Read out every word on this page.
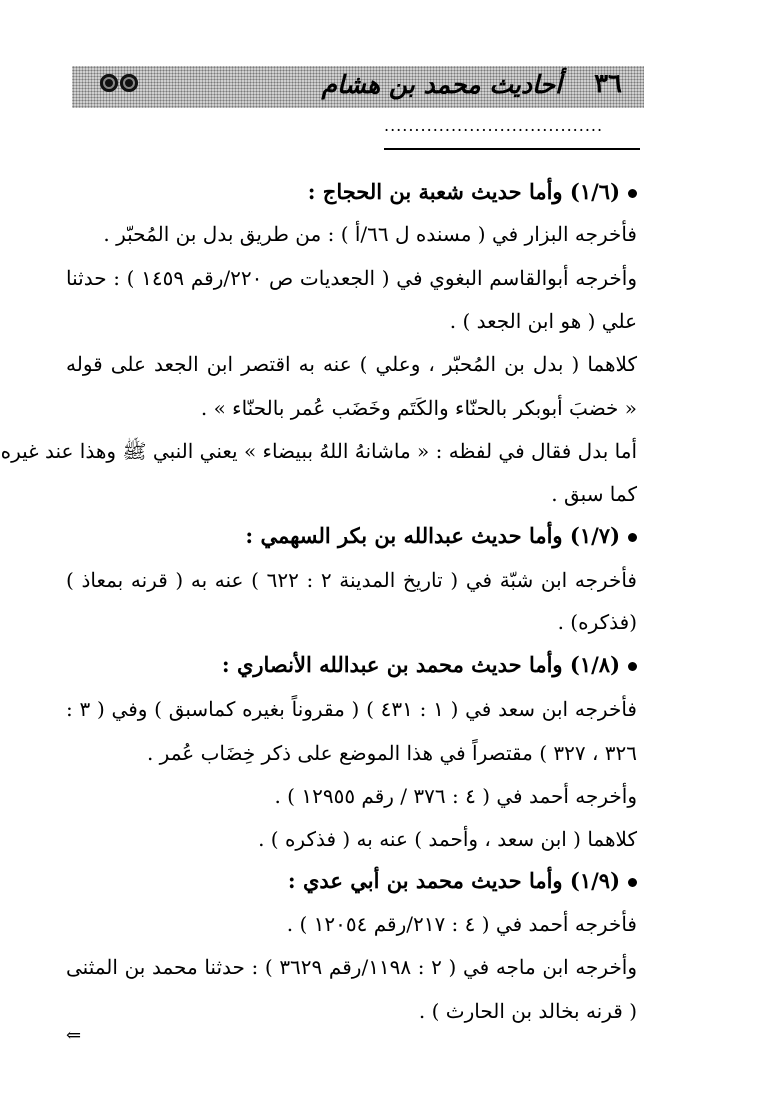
٣٦
أحاديث محمد بن هشام
....................................
(١/٦) وأما حديث شعبة بن الحجاج :
فأخرجه البزار في ( مسنده ل ٦٦/أ ) : من طريق بدل بن المُحبّر .
وأخرجه أبوالقاسم البغوي في ( الجعديات ص ٢٢٠/رقم ١٤٥٩ ) : حدثنا
علي ( هو ابن الجعد ) .
كلاهما ( بدل بن المُحبّر ، وعلي ) عنه به اقتصر ابن الجعد على قوله
« خضبَ أبوبكر بالحنّاء والكَتَم وخَضَب عُمر بالحنّاء » .
أما بدل فقال في لفظه : « ماشانهُ اللهُ ببيضاء » يعني النبي ﷺ وهذا عند غيره
كما سبق .
(١/٧) وأما حديث عبدالله بن بكر السهمي :
فأخرجه ابن شبّة في ( تاريخ المدينة ٢ : ٦٢٢ ) عنه به ( قرنه بمعاذ )
(فذكره) .
(١/٨) وأما حديث محمد بن عبدالله الأنصاري :
فأخرجه ابن سعد في ( ١ : ٤٣١ ) ( مقروناً بغيره كماسبق ) وفي ( ٣ :
٣٢٦ ، ٣٢٧ ) مقتصراً في هذا الموضع على ذكر خِضَاب عُمر .
وأخرجه أحمد في ( ٤ : ٣٧٦ / رقم ١٢٩٥٥ ) .
كلاهما ( ابن سعد ، وأحمد ) عنه به ( فذكره ) .
(١/٩) وأما حديث محمد بن أبي عدي :
فأخرجه أحمد في ( ٤ : ٢١٧/رقم ١٢٠٥٤ ) .
وأخرجه ابن ماجه في ( ٢ : ١١٩٨/رقم ٣٦٢٩ ) : حدثنا محمد بن المثنى
( قرنه بخالد بن الحارث ) .
⇐
